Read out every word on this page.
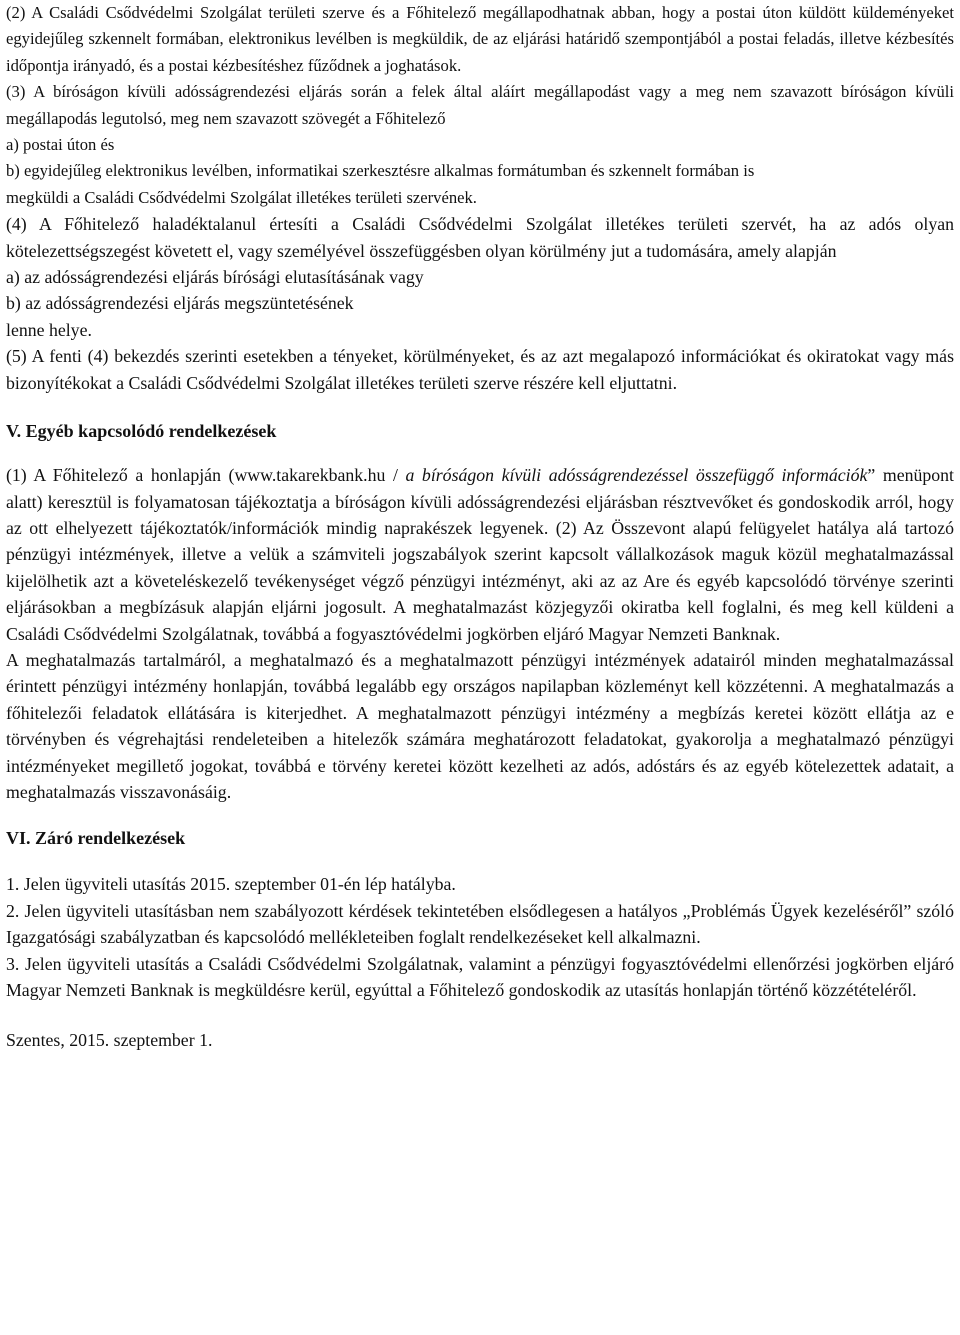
(2) A Családi Csődvédelmi Szolgálat területi szerve és a Főhitelező megállapodhatnak abban, hogy a postai úton küldött küldeményeket egyidejűleg szkennelt formában, elektronikus levélben is megküldik, de az eljárási határidő szempontjából a postai feladás, illetve kézbesítés időpontja irányadó, és a postai kézbesítéshez fűződnek a joghatások.

(3) A bíróságon kívüli adósságrendezési eljárás során a felek által aláírt megállapodást vagy a meg nem szavazott bíróságon kívüli megállapodás legutolsó, meg nem szavazott szövegét a Főhitelező

a) postai úton és

b) egyidejűleg elektronikus levélben, informatikai szerkesztésre alkalmas formátumban és szkennelt formában is

megküldi a Családi Csődvédelmi Szolgálat illetékes területi szervének.

(4) A Főhitelező haladéktalanul értesíti a Családi Csődvédelmi Szolgálat illetékes területi szervét, ha az adós olyan kötelezettségszegést követett el, vagy személyével összefüggésben olyan körülmény jut a tudomására, amely alapján

a) az adósságrendezési eljárás bírósági elutasításának vagy

b) az adósságrendezési eljárás megszüntetésének

lenne helye.

(5) A fenti (4) bekezdés szerinti esetekben a tényeket, körülményeket, és az azt megalapozó információkat és okiratokat vagy más bizonyítékokat a Családi Csődvédelmi Szolgálat illetékes területi szerve részére kell eljuttatni.

V. Egyéb kapcsolódó rendelkezések

(1) A Főhitelező a honlapján (www.takarekbank.hu / a bíróságon kívüli adósságrendezéssel összefüggő információk” menüpont alatt) keresztül is folyamatosan tájékoztatja a bíróságon kívüli adósságrendezési eljárásban résztvevőket és gondoskodik arról, hogy az ott elhelyezett tájékoztatók/információk mindig naprakészek legyenek. (2) Az Összevont alapú felügyelet hatálya alá tartozó pénzügyi intézmények, illetve a velük a számviteli jogszabályok szerint kapcsolt vállalkozások maguk közül meghatalmazással kijelölhetik azt a követeléskezelő tevékenységet végző pénzügyi intézményt, aki az az Are és egyéb kapcsolódó törvénye szerinti eljárásokban a megbízásuk alapján eljárni jogosult. A meghatalmazást közjegyzői okiratba kell foglalni, és meg kell küldeni a Családi Csődvédelmi Szolgálatnak, továbbá a fogyasztóvédelmi jogkörben eljáró Magyar Nemzeti Banknak.

A meghatalmazás tartalmáról, a meghatalmazó és a meghatalmazott pénzügyi intézmények adatairól minden meghatalmazással érintett pénzügyi intézmény honlapján, továbbá legalább egy országos napilapban közleményt kell közzétenni. A meghatalmazás a főhitelezői feladatok ellátására is kiterjedhet. A meghatalmazott pénzügyi intézmény a megbízás keretei között ellátja az e törvényben és végrehajtási rendeleteiben a hitelezők számára meghatározott feladatokat, gyakorolja a meghatalmazó pénzügyi intézményeket megillető jogokat, továbbá e törvény keretei között kezelheti az adós, adóstárs és az egyéb kötelezettek adatait, a meghatalmazás visszavonásáig.

VI. Záró rendelkezések

1. Jelen ügyviteli utasítás 2015. szeptember 01-én lép hatályba.

2. Jelen ügyviteli utasításban nem szabályozott kérdések tekintetében elsődlegesen a hatályos „Problémás Ügyek kezeléséről” szóló Igazgatósági szabályzatban és kapcsolódó mellékleteiben foglalt rendelkezéseket kell alkalmazni.

3. Jelen ügyviteli utasítás a Családi Csődvédelmi Szolgálatnak, valamint a pénzügyi fogyasztóvédelmi ellenőrzési jogkörben eljáró Magyar Nemzeti Banknak is megküldésre kerül, egyúttal a Főhitelező gondoskodik az utasítás honlapján történő közzétételéről.

Szentes, 2015. szeptember 1.
